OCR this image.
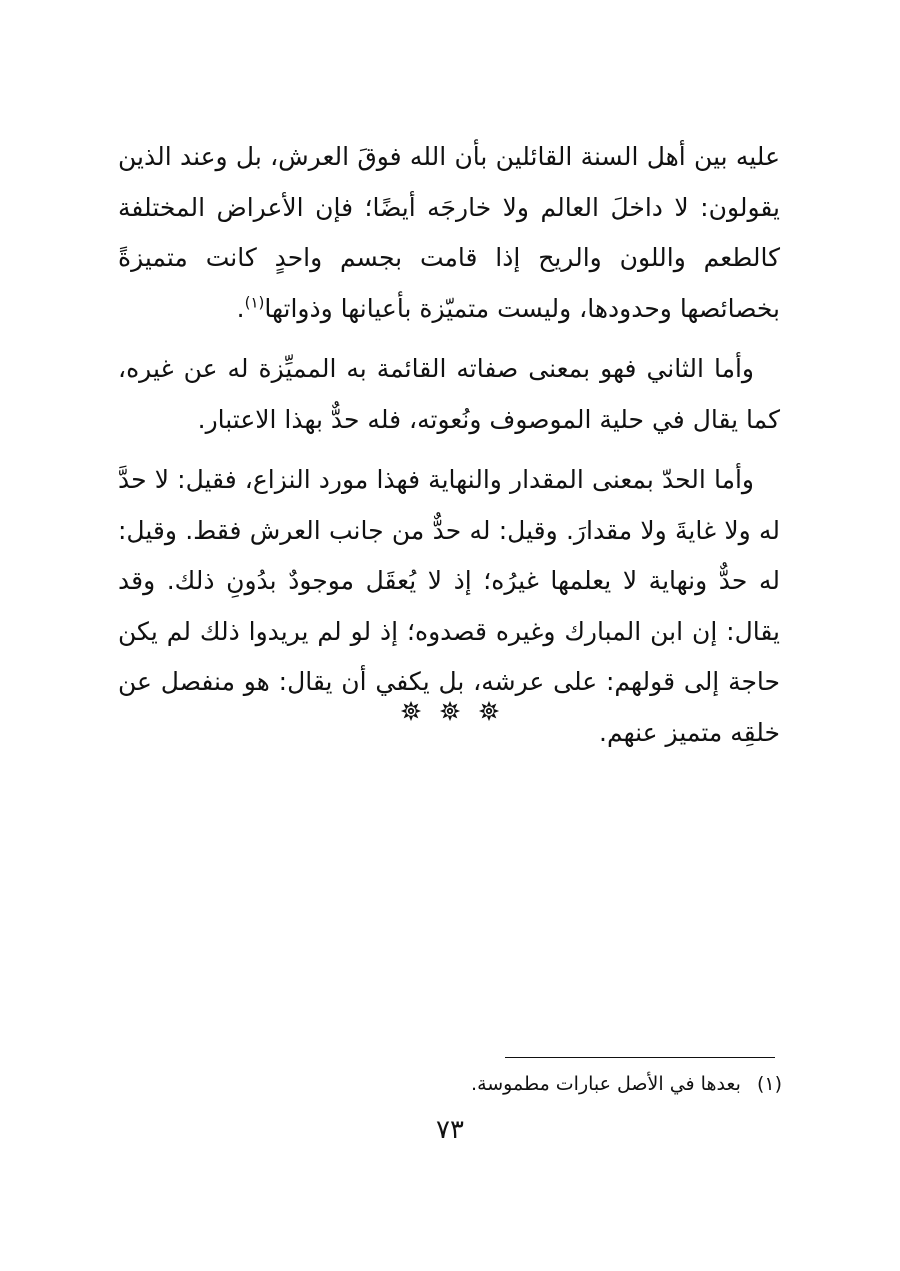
عليه بين أهل السنة القائلين بأن الله فوقَ العرش، بل وعند الذين يقولون: لا داخلَ العالم ولا خارجَه أيضًا؛ فإن الأعراض المختلفة كالطعم واللون والريح إذا قامت بجسم واحدٍ كانت متميزةً بخصائصها وحدودها، وليست متميّزة بأعيانها وذواتها$^{(١)}$.

وأما الثاني فهو بمعنى صفاته القائمة به المميِّزة له عن غيره، كما يقال في حلية الموصوف ونُعوته، فله حدٌّ بهذا الاعتبار.

وأما الحدّ بمعنى المقدار والنهاية فهذا مورد النزاع، فقيل: لا حدَّ له ولا غايةَ ولا مقدارَ. وقيل: له حدٌّ من جانب العرش فقط. وقيل: له حدٌّ ونهاية لا يعلمها غيرُه؛ إذ لا يُعقَل موجودٌ بدُونِ ذلك. وقد يقال: إن ابن المبارك وغيره قصدوه؛ إذ لو لم يريدوا ذلك لم يكن حاجة إلى قولهم: على عرشه، بل يكفي أن يقال: هو منفصل عن خلقِه متميز عنهم.

(١) بعدها في الأصل عبارات مطموسة.
٧٣
